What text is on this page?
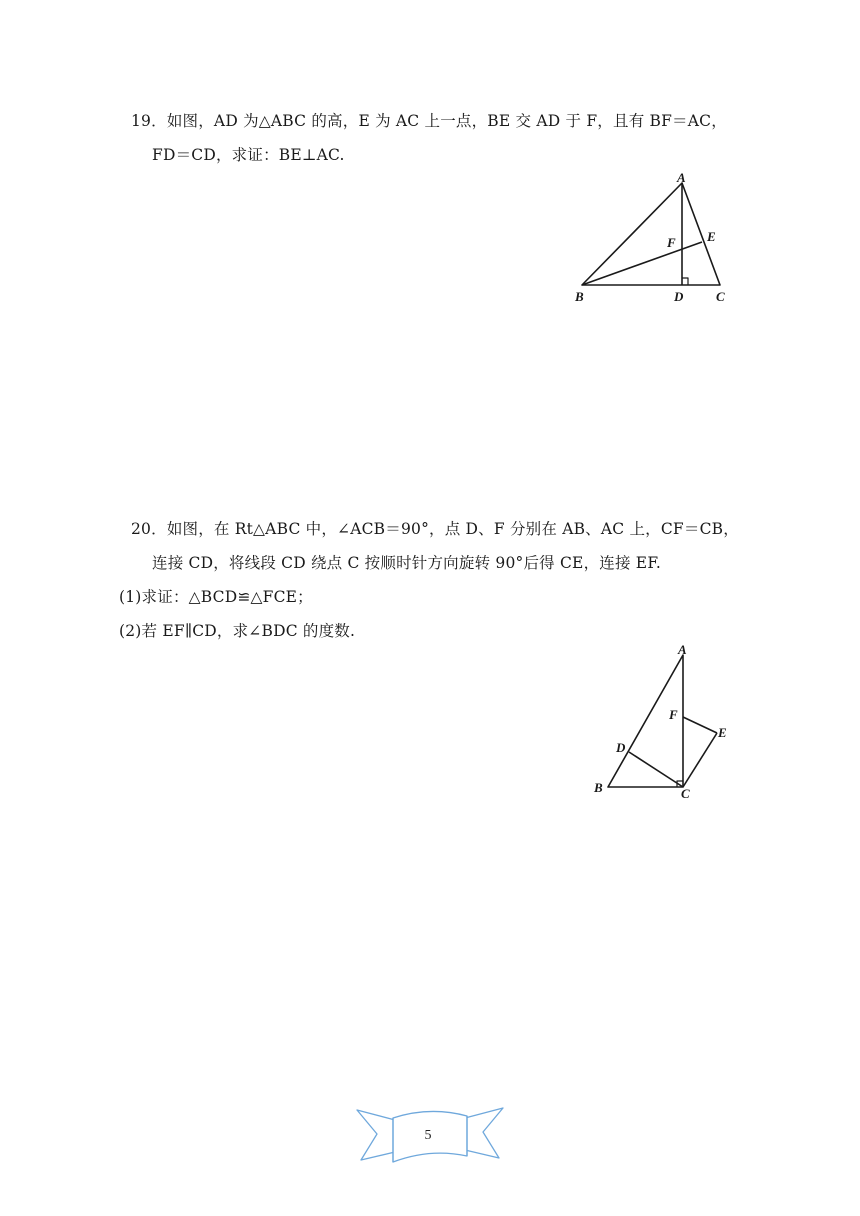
19．如图，AD 为△ABC 的高，E 为 AC 上一点，BE 交 AD 于 F，且有 BF＝AC，
FD＝CD，求证：BE⊥AC.
A
B	C
D
E
F
20．如图，在 Rt△ABC 中，∠ACB＝90°，点 D、F 分别在 AB、AC 上，CF＝CB，
连接 CD，将线段 CD 绕点 C 按顺时针方向旋转 90°后得 CE，连接 EF.
(1)求证：△BCD≌△FCE；
(2)若 EF∥CD，求∠BDC 的度数.
A
B	C
D
E
F
5
